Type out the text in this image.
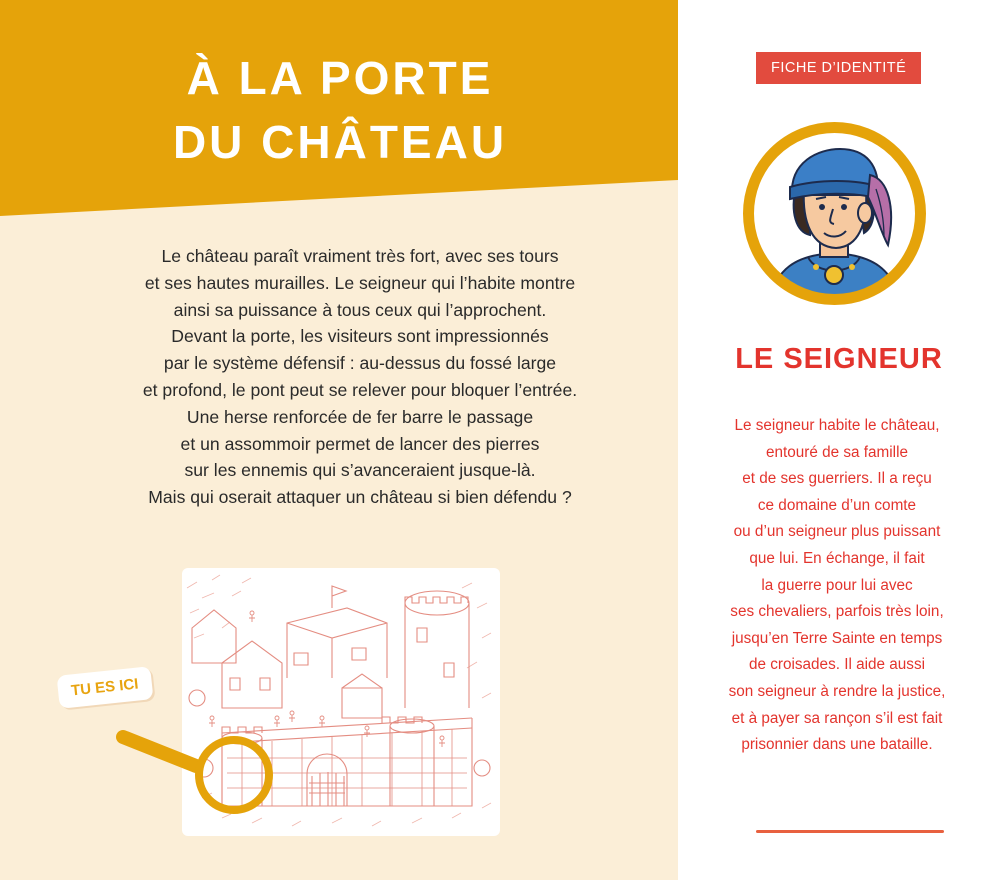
À LA PORTE
DU CHÂTEAU
Le château paraît vraiment très fort, avec ses tours
et ses hautes murailles. Le seigneur qui l’habite montre
ainsi sa puissance à tous ceux qui l’approchent.
Devant la porte, les visiteurs sont impressionnés
par le système défensif : au-dessus du fossé large
et profond, le pont peut se relever pour bloquer l’entrée.
Une herse renforcée de fer barre le passage
et un assommoir permet de lancer des pierres
sur les ennemis qui s’avanceraient jusque-là.
Mais qui oserait attaquer un château si bien défendu ?
TU ES ICI
FICHE D’IDENTITÉ
LE SEIGNEUR
Le seigneur habite le château,
entouré de sa famille
et de ses guerriers. Il a reçu
ce domaine d’un comte
ou d’un seigneur plus puissant
que lui. En échange, il fait
la guerre pour lui avec
ses chevaliers, parfois très loin,
jusqu’en Terre Sainte en temps
de croisades. Il aide aussi
son seigneur à rendre la justice,
et à payer sa rançon s’il est fait
prisonnier dans une bataille.
